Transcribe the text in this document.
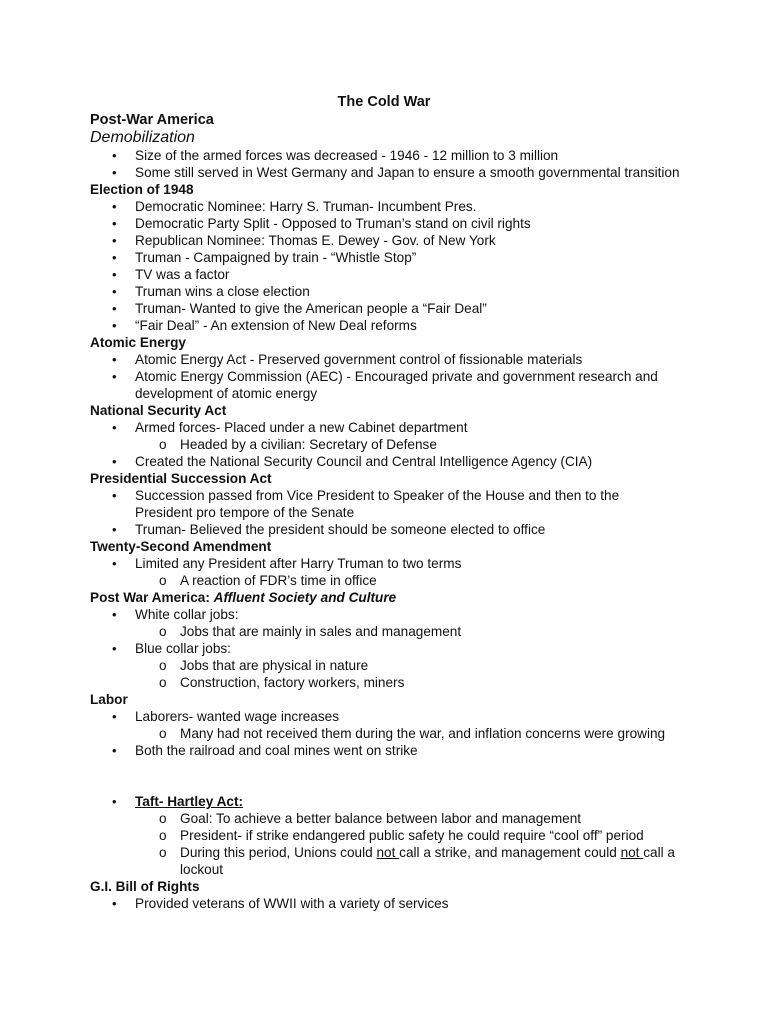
The Cold War
Post-War America
Demobilization
• Size of the armed forces was decreased - 1946 - 12 million to 3 million
• Some still served in West Germany and Japan to ensure a smooth governmental transition
Election of 1948
• Democratic Nominee: Harry S. Truman- Incumbent Pres.
• Democratic Party Split - Opposed to Truman’s stand on civil rights
• Republican Nominee: Thomas E. Dewey - Gov. of New York
• Truman - Campaigned by train - “Whistle Stop”
• TV was a factor
• Truman wins a close election
• Truman- Wanted to give the American people a “Fair Deal”
• “Fair Deal” - An extension of New Deal reforms
Atomic Energy
• Atomic Energy Act - Preserved government control of fissionable materials
• Atomic Energy Commission (AEC) - Encouraged private and government research and development of atomic energy
National Security Act
• Armed forces- Placed under a new Cabinet department
o Headed by a civilian: Secretary of Defense
• Created the National Security Council and Central Intelligence Agency (CIA)
Presidential Succession Act
• Succession passed from Vice President to Speaker of the House and then to the President pro tempore of the Senate
• Truman- Believed the president should be someone elected to office
Twenty-Second Amendment
• Limited any President after Harry Truman to two terms
o A reaction of FDR’s time in office
Post War America: Affluent Society and Culture
• White collar jobs:
o Jobs that are mainly in sales and management
• Blue collar jobs:
o Jobs that are physical in nature
o Construction, factory workers, miners
Labor
• Laborers- wanted wage increases
o Many had not received them during the war, and inflation concerns were growing
• Both the railroad and coal mines went on strike
• Taft- Hartley Act:
o Goal: To achieve a better balance between labor and management
o President- if strike endangered public safety he could require “cool off” period
o During this period, Unions could not call a strike, and management could not call a lockout
G.I. Bill of Rights
• Provided veterans of WWII with a variety of services
